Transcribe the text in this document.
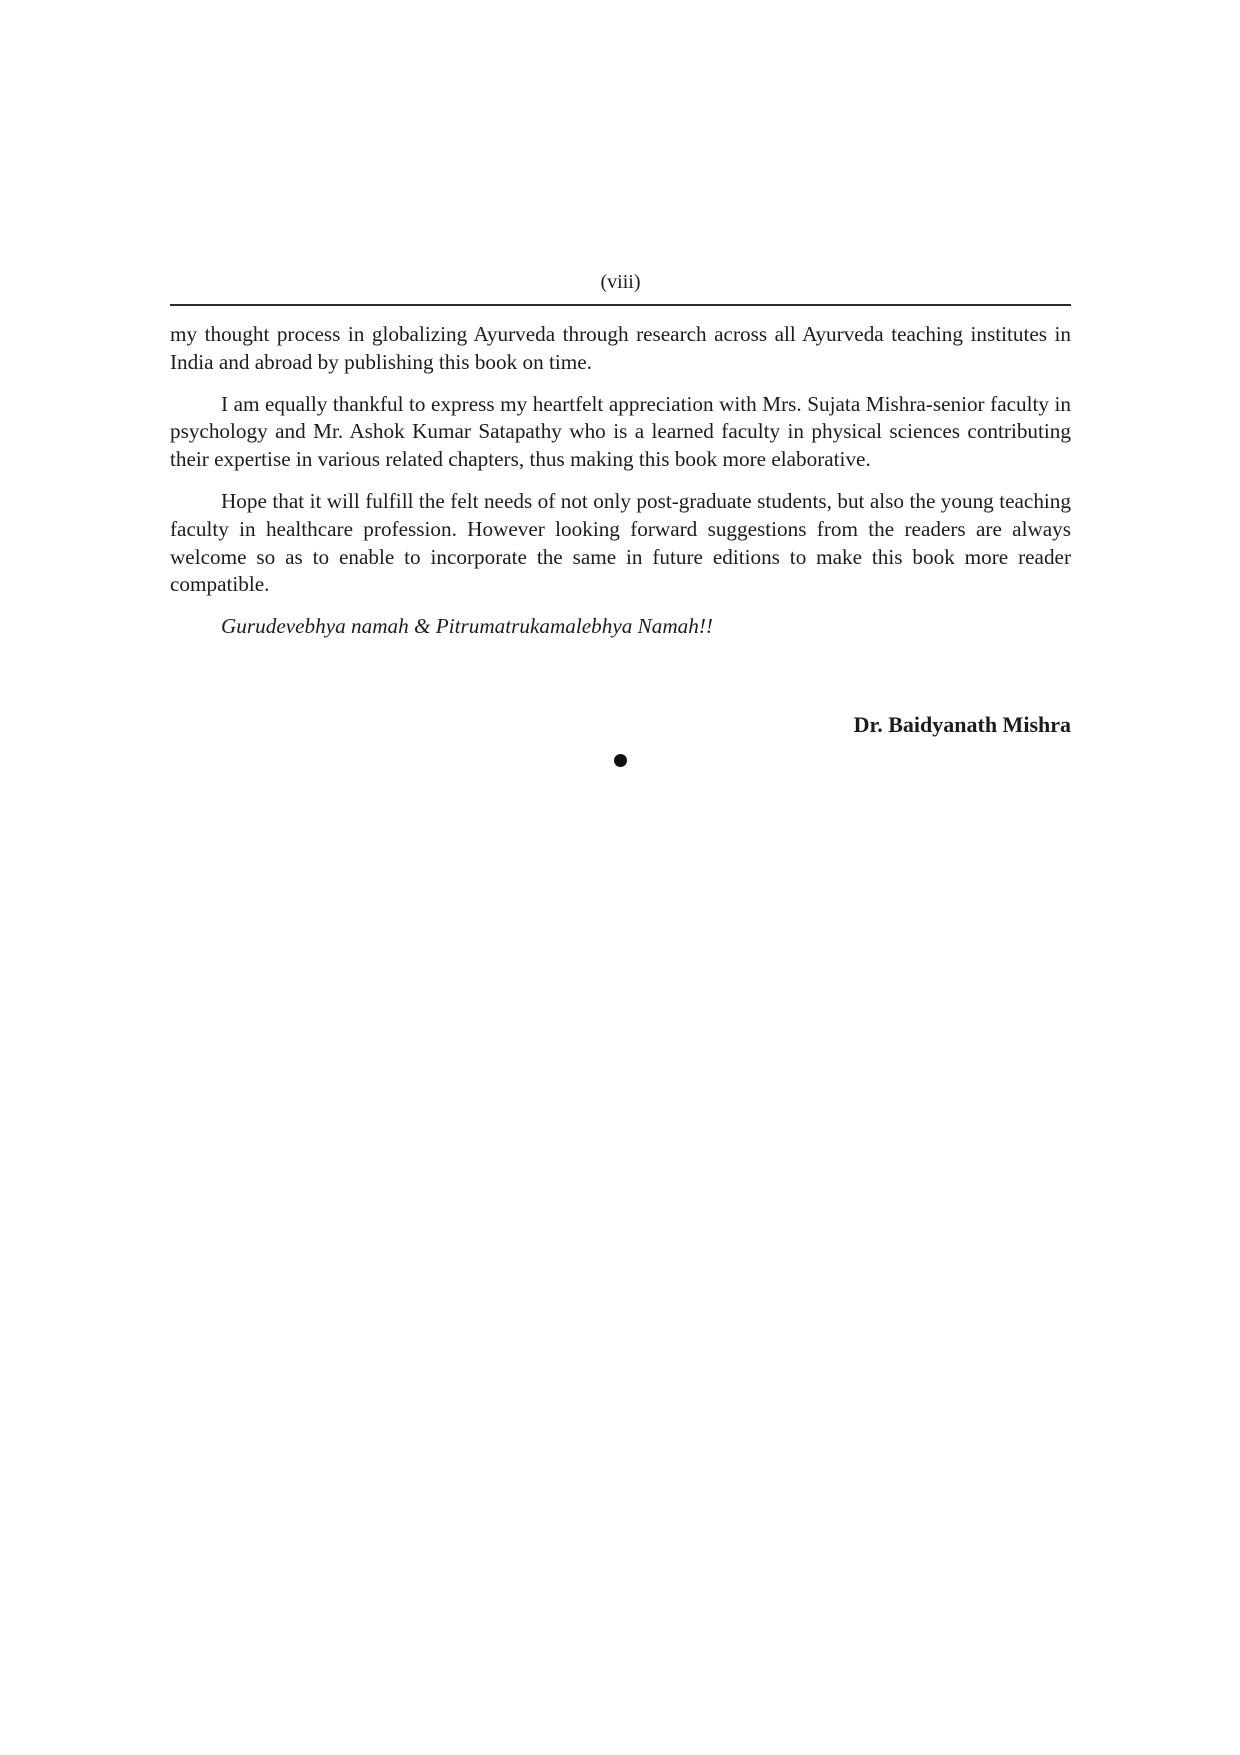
(viii)

my thought process in globalizing Ayurveda through research across all Ayurveda teaching institutes in India and abroad by publishing this book on time.

I am equally thankful to express my heartfelt appreciation with Mrs. Sujata Mishra-senior faculty in psychology and Mr. Ashok Kumar Satapathy who is a learned faculty in physical sciences contributing their expertise in various related chapters, thus making this book more elaborative.

Hope that it will fulfill the felt needs of not only post-graduate students, but also the young teaching faculty in healthcare profession. However looking forward suggestions from the readers are always welcome so as to enable to incorporate the same in future editions to make this book more reader compatible.

Gurudevebhya namah & Pitrumatrukamalebhya Namah!!

Dr. Baidyanath Mishra
